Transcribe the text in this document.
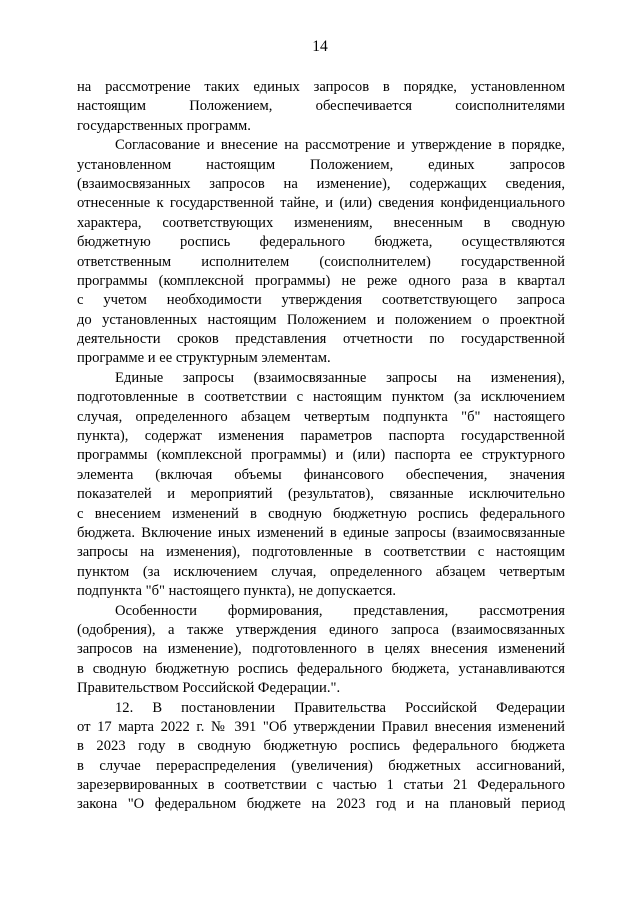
14
на рассмотрение таких единых запросов в порядке, установленном
настоящим Положением, обеспечивается соисполнителями
государственных программ.
Согласование и внесение на рассмотрение и утверждение в порядке,
установленном настоящим Положением, единых запросов
(взаимосвязанных запросов на изменение), содержащих сведения,
отнесенные к государственной тайне, и (или) сведения конфиденциального
характера, соответствующих изменениям, внесенным в сводную
бюджетную роспись федерального бюджета, осуществляются
ответственным исполнителем (соисполнителем) государственной
программы (комплексной программы) не реже одного раза в квартал
с учетом необходимости утверждения соответствующего запроса
до установленных настоящим Положением и положением о проектной
деятельности сроков представления отчетности по государственной
программе и ее структурным элементам.
Единые запросы (взаимосвязанные запросы на изменения),
подготовленные в соответствии с настоящим пунктом (за исключением
случая, определенного абзацем четвертым подпункта "б" настоящего
пункта), содержат изменения параметров паспорта государственной
программы (комплексной программы) и (или) паспорта ее структурного
элемента (включая объемы финансового обеспечения, значения
показателей и мероприятий (результатов), связанные исключительно
с внесением изменений в сводную бюджетную роспись федерального
бюджета. Включение иных изменений в единые запросы (взаимосвязанные
запросы на изменения), подготовленные в соответствии с настоящим
пунктом (за исключением случая, определенного абзацем четвертым
подпункта "б" настоящего пункта), не допускается.
Особенности формирования, представления, рассмотрения
(одобрения), а также утверждения единого запроса (взаимосвязанных
запросов на изменение), подготовленного в целях внесения изменений
в сводную бюджетную роспись федерального бюджета, устанавливаются
Правительством Российской Федерации.".
12. В постановлении Правительства Российской Федерации
от 17 марта 2022 г. № 391 "Об утверждении Правил внесения изменений
в 2023 году в сводную бюджетную роспись федерального бюджета
в случае перераспределения (увеличения) бюджетных ассигнований,
зарезервированных в соответствии с частью 1 статьи 21 Федерального
закона "О федеральном бюджете на 2023 год и на плановый период
